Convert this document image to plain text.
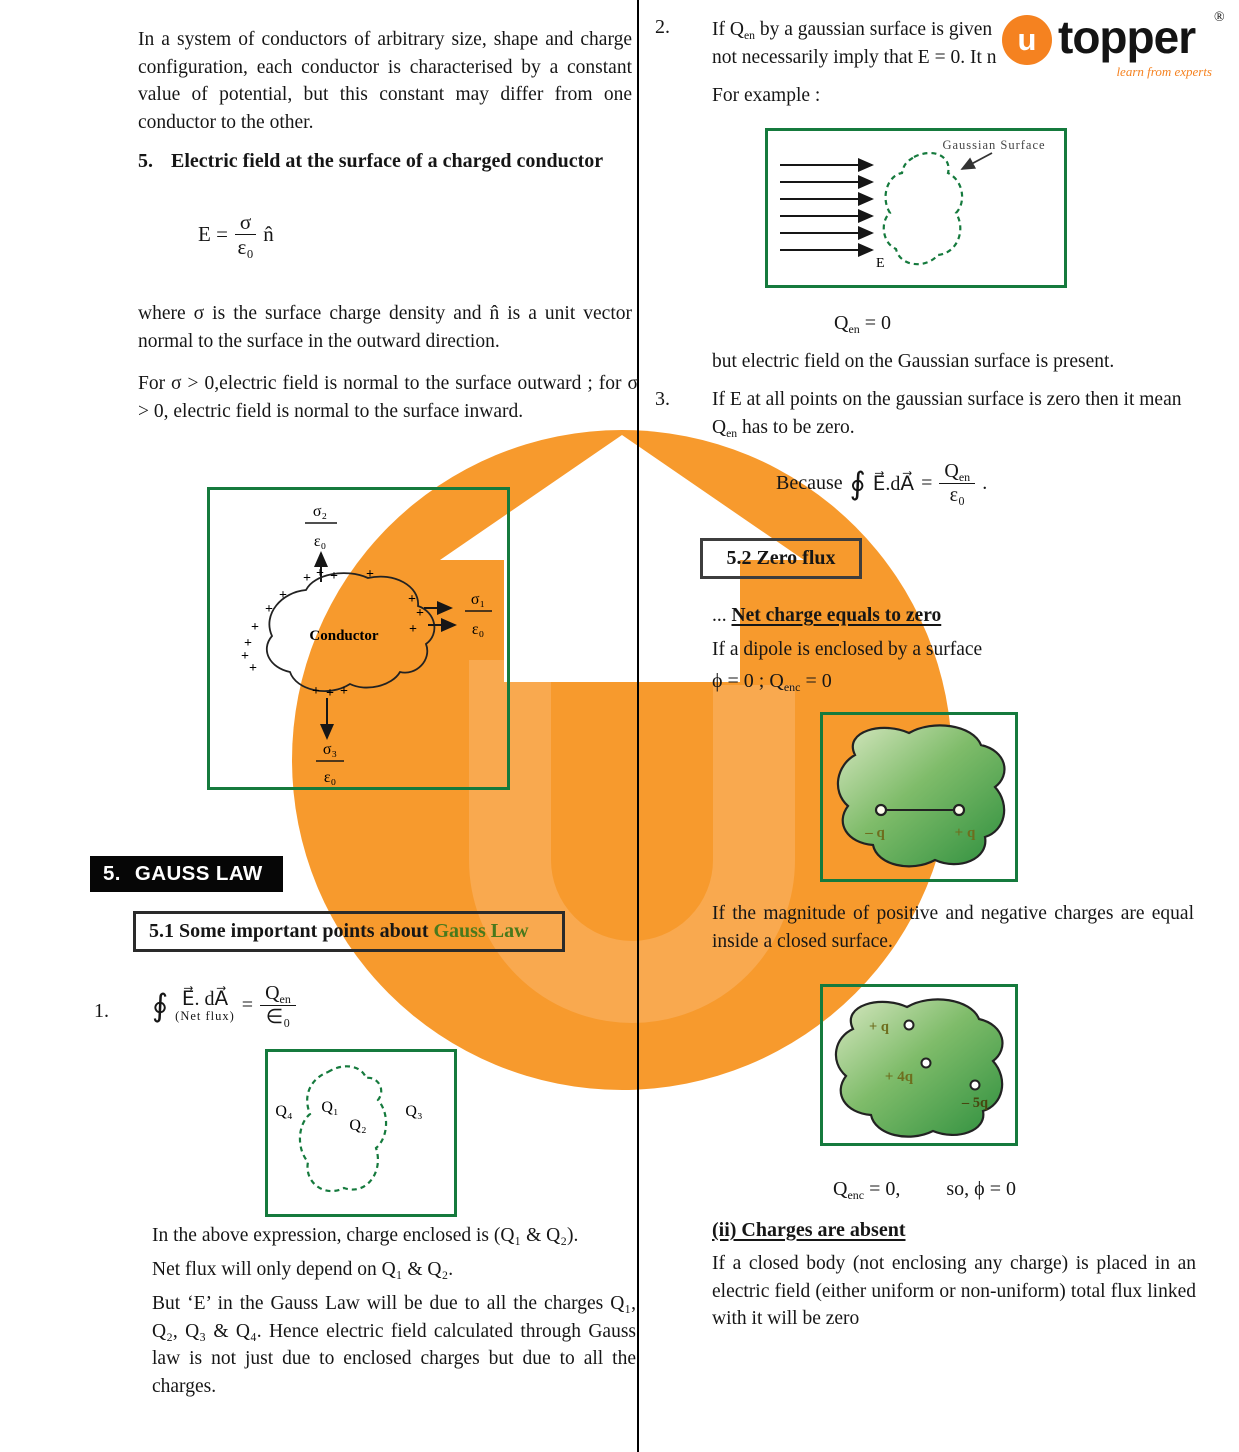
u topper ®
learn from experts

In a system of conductors of arbitrary size, shape and charge configuration, each conductor is characterised by a constant value of potential, but this constant may differ from one conductor to the other.

5. Electric field at the surface of a charged conductor
$E = \frac{\sigma}{\text{ε₀}}$ n̂

where σ is the surface charge density and n̂ is a unit vector normal to the surface in the outward direction.

For σ > 0,electric field is normal to the surface outward ; for σ > 0, electric field is normal to the surface inward.

σ₂
ε₀
Conductor
+ + + +
+
+
+
+
+
+
+
+
+
+ + +
σ₁
ε₀
σ₃
ε₀
5. GAUSS LAW
5.1 Some important points about Gauss Law
1. ∮ E⃗. dA⃗
(Net flux) = $\frac{Q_{en}}{\text{∈₀}}$
Q₄ Q₁
Q₂
Q₃

In the above expression, charge enclosed is (Q₁ & Q₂).

Net flux will only depend on Q₁ & Q₂.

But ‘E’ in the Gauss Law will be due to all the charges Q₁, Q₂, Q₃ & Q₄. Hence electric field calculated through Gauss law is not just due to enclosed charges but due to all the charges.

2. If $Q_{en}$ by a gaussian surface is given

not necessarily imply that E = 0. It n

For example :

Gaussian Surface
E

$Q_{en} = 0$

but electric field on the Gaussian surface is present.

3. If E at all points on the gaussian surface is zero then it mean

$Q_{en}$ has to be zero.

Because ∮ E⃗.dA⃗ = $\frac{Q_{en}}{\text{ε₀}}$ .
5.2 Zero flux

... Net charge equals to zero

If a dipole is enclosed by a surface

ϕ = 0 ; $Q_{enc} = 0$

– q	+ q

If the magnitude of positive and negative charges are equal inside a closed surface.

+ q
+ 4q
– 5q
$Q_{enc} = 0$, so, ϕ = 0

(ii) Charges are absent

If a closed body (not enclosing any charge) is placed in an electric field (either uniform or non-uniform) total flux linked with it will be zero
